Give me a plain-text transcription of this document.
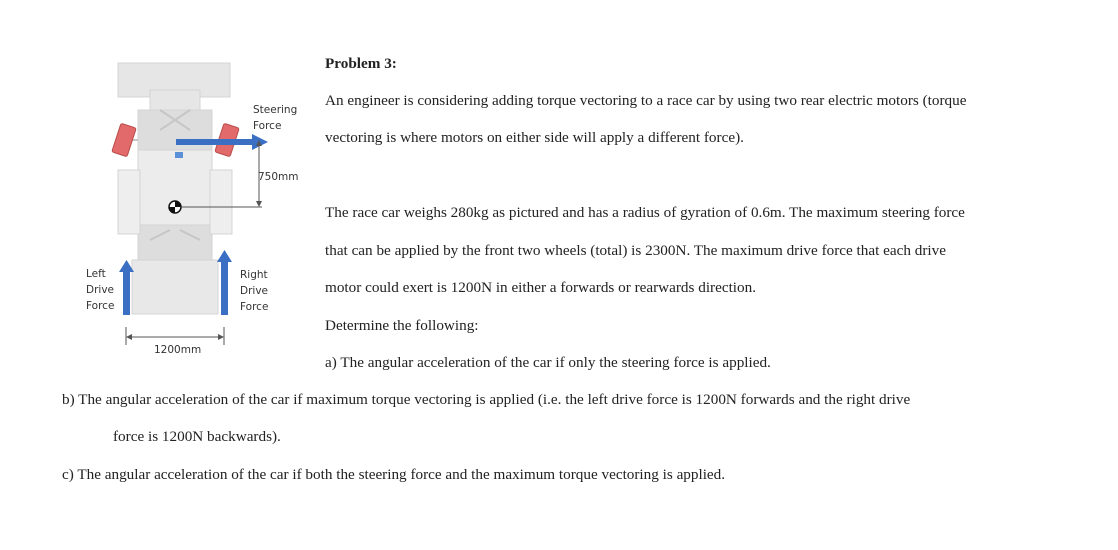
Steering
Force
750mm
Left
Drive
Force
Right
Drive
Force
1200mm
Problem 3:
An engineer is considering adding torque vectoring to a race car by using two rear electric motors (torque
vectoring is where motors on either side will apply a different force).
The race car weighs 280kg as pictured and has a radius of gyration of 0.6m. The maximum steering force
that can be applied by the front two wheels (total) is 2300N. The maximum drive force that each drive
motor could exert is 1200N in either a forwards or rearwards direction.
Determine the following:
a) The angular acceleration of the car if only the steering force is applied.
b) The angular acceleration of the car if maximum torque vectoring is applied (i.e. the left drive force is 1200N forwards and the right drive
force is 1200N backwards).
c) The angular acceleration of the car if both the steering force and the maximum torque vectoring is applied.
